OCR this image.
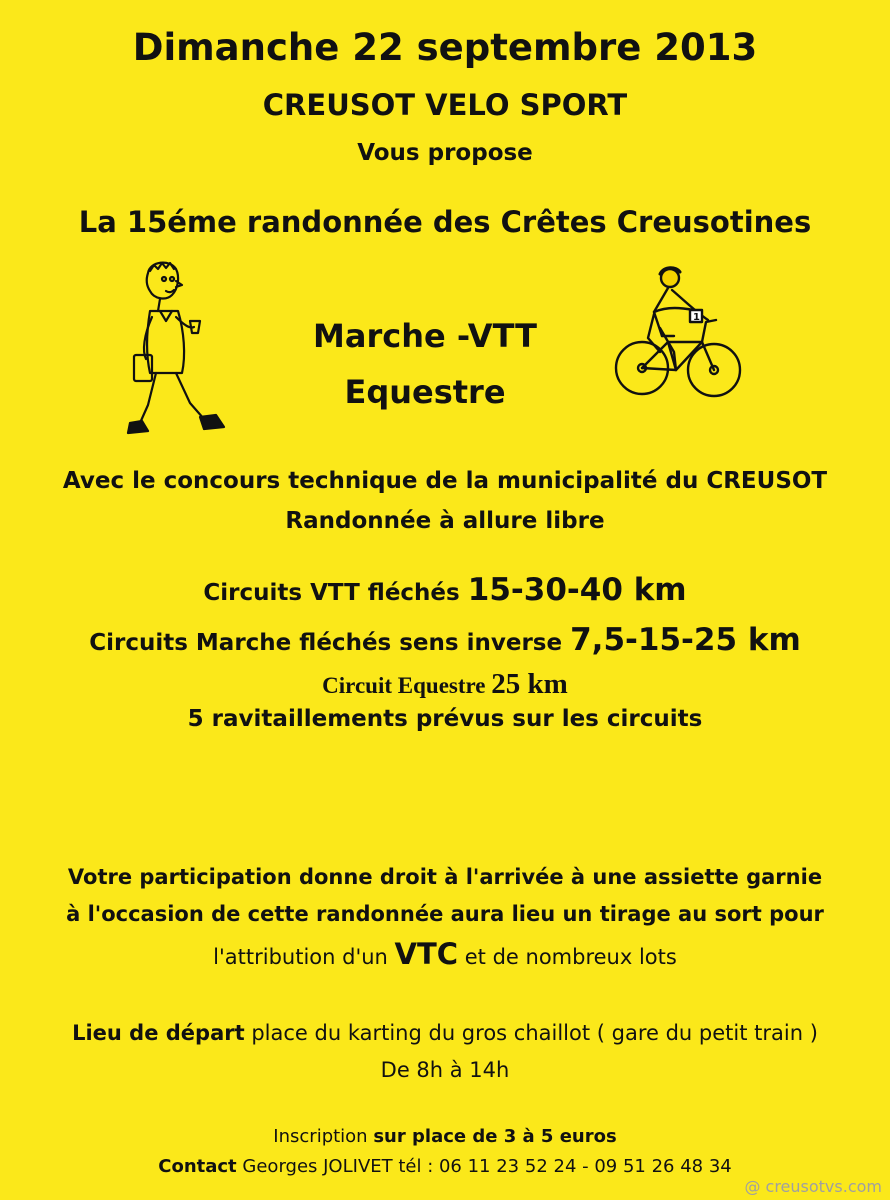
Dimanche 22 septembre 2013
CREUSOT VELO SPORT
Vous propose
La 15éme randonnée des Crêtes Creusotines
Marche -VTT
Equestre
1
Avec le concours technique de la municipalité du CREUSOT
Randonnée à allure libre
Circuits VTT fléchés 15-30-40 km
Circuits Marche fléchés sens inverse 7,5-15-25 km
Circuit Equestre 25 km
5 ravitaillements prévus sur les circuits
Votre participation donne droit à l'arrivée à une assiette garnie
à l'occasion de cette randonnée aura lieu un tirage au sort pour
l'attribution d'un VTC et de nombreux lots
Lieu de départ place du karting du gros chaillot ( gare du petit train )
De 8h à 14h
Inscription sur place de 3 à 5 euros
Contact Georges JOLIVET tél : 06 11 23 52 24 - 09 51 26 48 34
@ creusotvs.com
